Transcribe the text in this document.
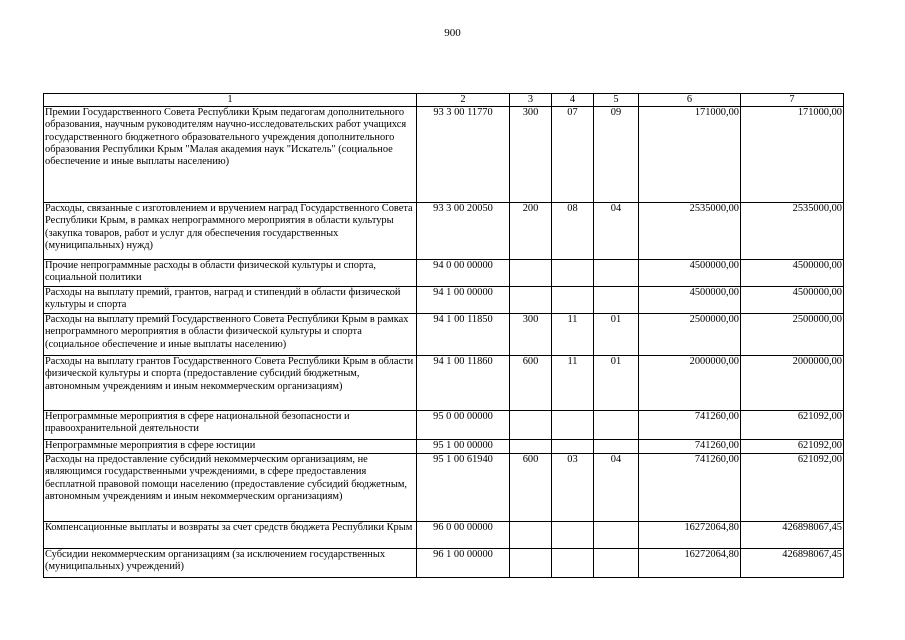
900
1	2	3	4	5	6	7
Премии Государственного Совета Республики Крым педагогам дополнительного образования, научным руководителям научно-исследовательских работ учащихся государственного бюджетного образовательного учреждения дополнительного образования Республики Крым "Малая академия наук "Искатель" (социальное обеспечение и иные выплаты населению)	93 3 00 11770	300	07	09	171000,00	171000,00
Расходы, связанные с изготовлением и вручением наград Государственного Совета Республики Крым, в рамках непрограммного мероприятия в области культуры (закупка товаров, работ и услуг для обеспечения государственных (муниципальных) нужд)	93 3 00 20050	200	08	04	2535000,00	2535000,00
Прочие непрограммные расходы в области физической культуры и спорта, социальной политики	94 0 00 00000				4500000,00	4500000,00
Расходы на выплату премий, грантов, наград и стипендий в области физической культуры и спорта	94 1 00 00000				4500000,00	4500000,00
Расходы на выплату премий Государственного Совета Республики Крым в рамках непрограммного мероприятия в области физической культуры и спорта (социальное обеспечение и иные выплаты населению)	94 1 00 11850	300	11	01	2500000,00	2500000,00
Расходы на выплату грантов Государственного Совета Республики Крым в области физической культуры и спорта (предоставление субсидий бюджетным, автономным учреждениям и иным некоммерческим организациям)	94 1 00 11860	600	11	01	2000000,00	2000000,00
Непрограммные мероприятия в сфере национальной безопасности и правоохранительной деятельности	95 0 00 00000				741260,00	621092,00
Непрограммные мероприятия в сфере юстиции	95 1 00 00000				741260,00	621092,00
Расходы на предоставление субсидий некоммерческим организациям, не являющимся государственными учреждениями, в сфере предоставления бесплатной правовой помощи населению (предоставление субсидий бюджетным, автономным учреждениям и иным некоммерческим организациям)	95 1 00 61940	600	03	04	741260,00	621092,00
Компенсационные выплаты и возвраты за счет средств бюджета Республики Крым	96 0 00 00000				16272064,80	426898067,45
Субсидии некоммерческим организациям (за исключением государственных (муниципальных) учреждений)	96 1 00 00000				16272064,80	426898067,45
